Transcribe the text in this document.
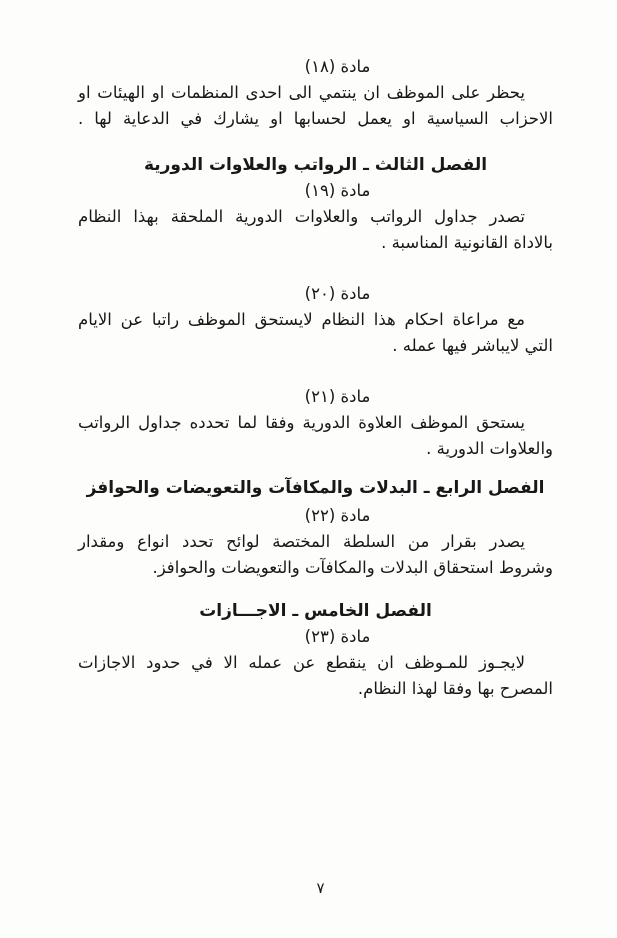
مادة (١٨)
يحظر على الموظف ان ينتمي الى احدى المنظمات او الهيئات او
الاحزاب السياسية او يعمل لحسابها او يشارك في الدعاية لها .
الفصل الثالث ـ الرواتب والعلاوات الدورية
مادة (١٩)
تصدر جداول الرواتب والعلاوات الدورية الملحقة بهذا النظام
بالاداة القانونية المناسبة .
مادة (٢٠)
مع مراعاة احكام هذا النظام لايستحق الموظف راتبا عن الايام
التي لايباشر فيها عمله .
مادة (٢١)
يستحق الموظف العلاوة الدورية وفقا لما تحدده جداول الرواتب
والعلاوات الدورية .
الفصل الرابع ـ البدلات والمكافآت والتعويضات والحوافز
مادة (٢٢)
يصدر بقرار من السلطة المختصة لوائح تحدد انواع ومقدار
وشروط استحقاق البدلات والمكافآت والتعويضات والحوافز.
الفصل الخامس ـ الاجـــازات
مادة (٢٣)
لايجـوز للمـوظف ان ينقطع عن عمله الا في حدود الاجازات
المصرح بها وفقا لهذا النظام.
٧
